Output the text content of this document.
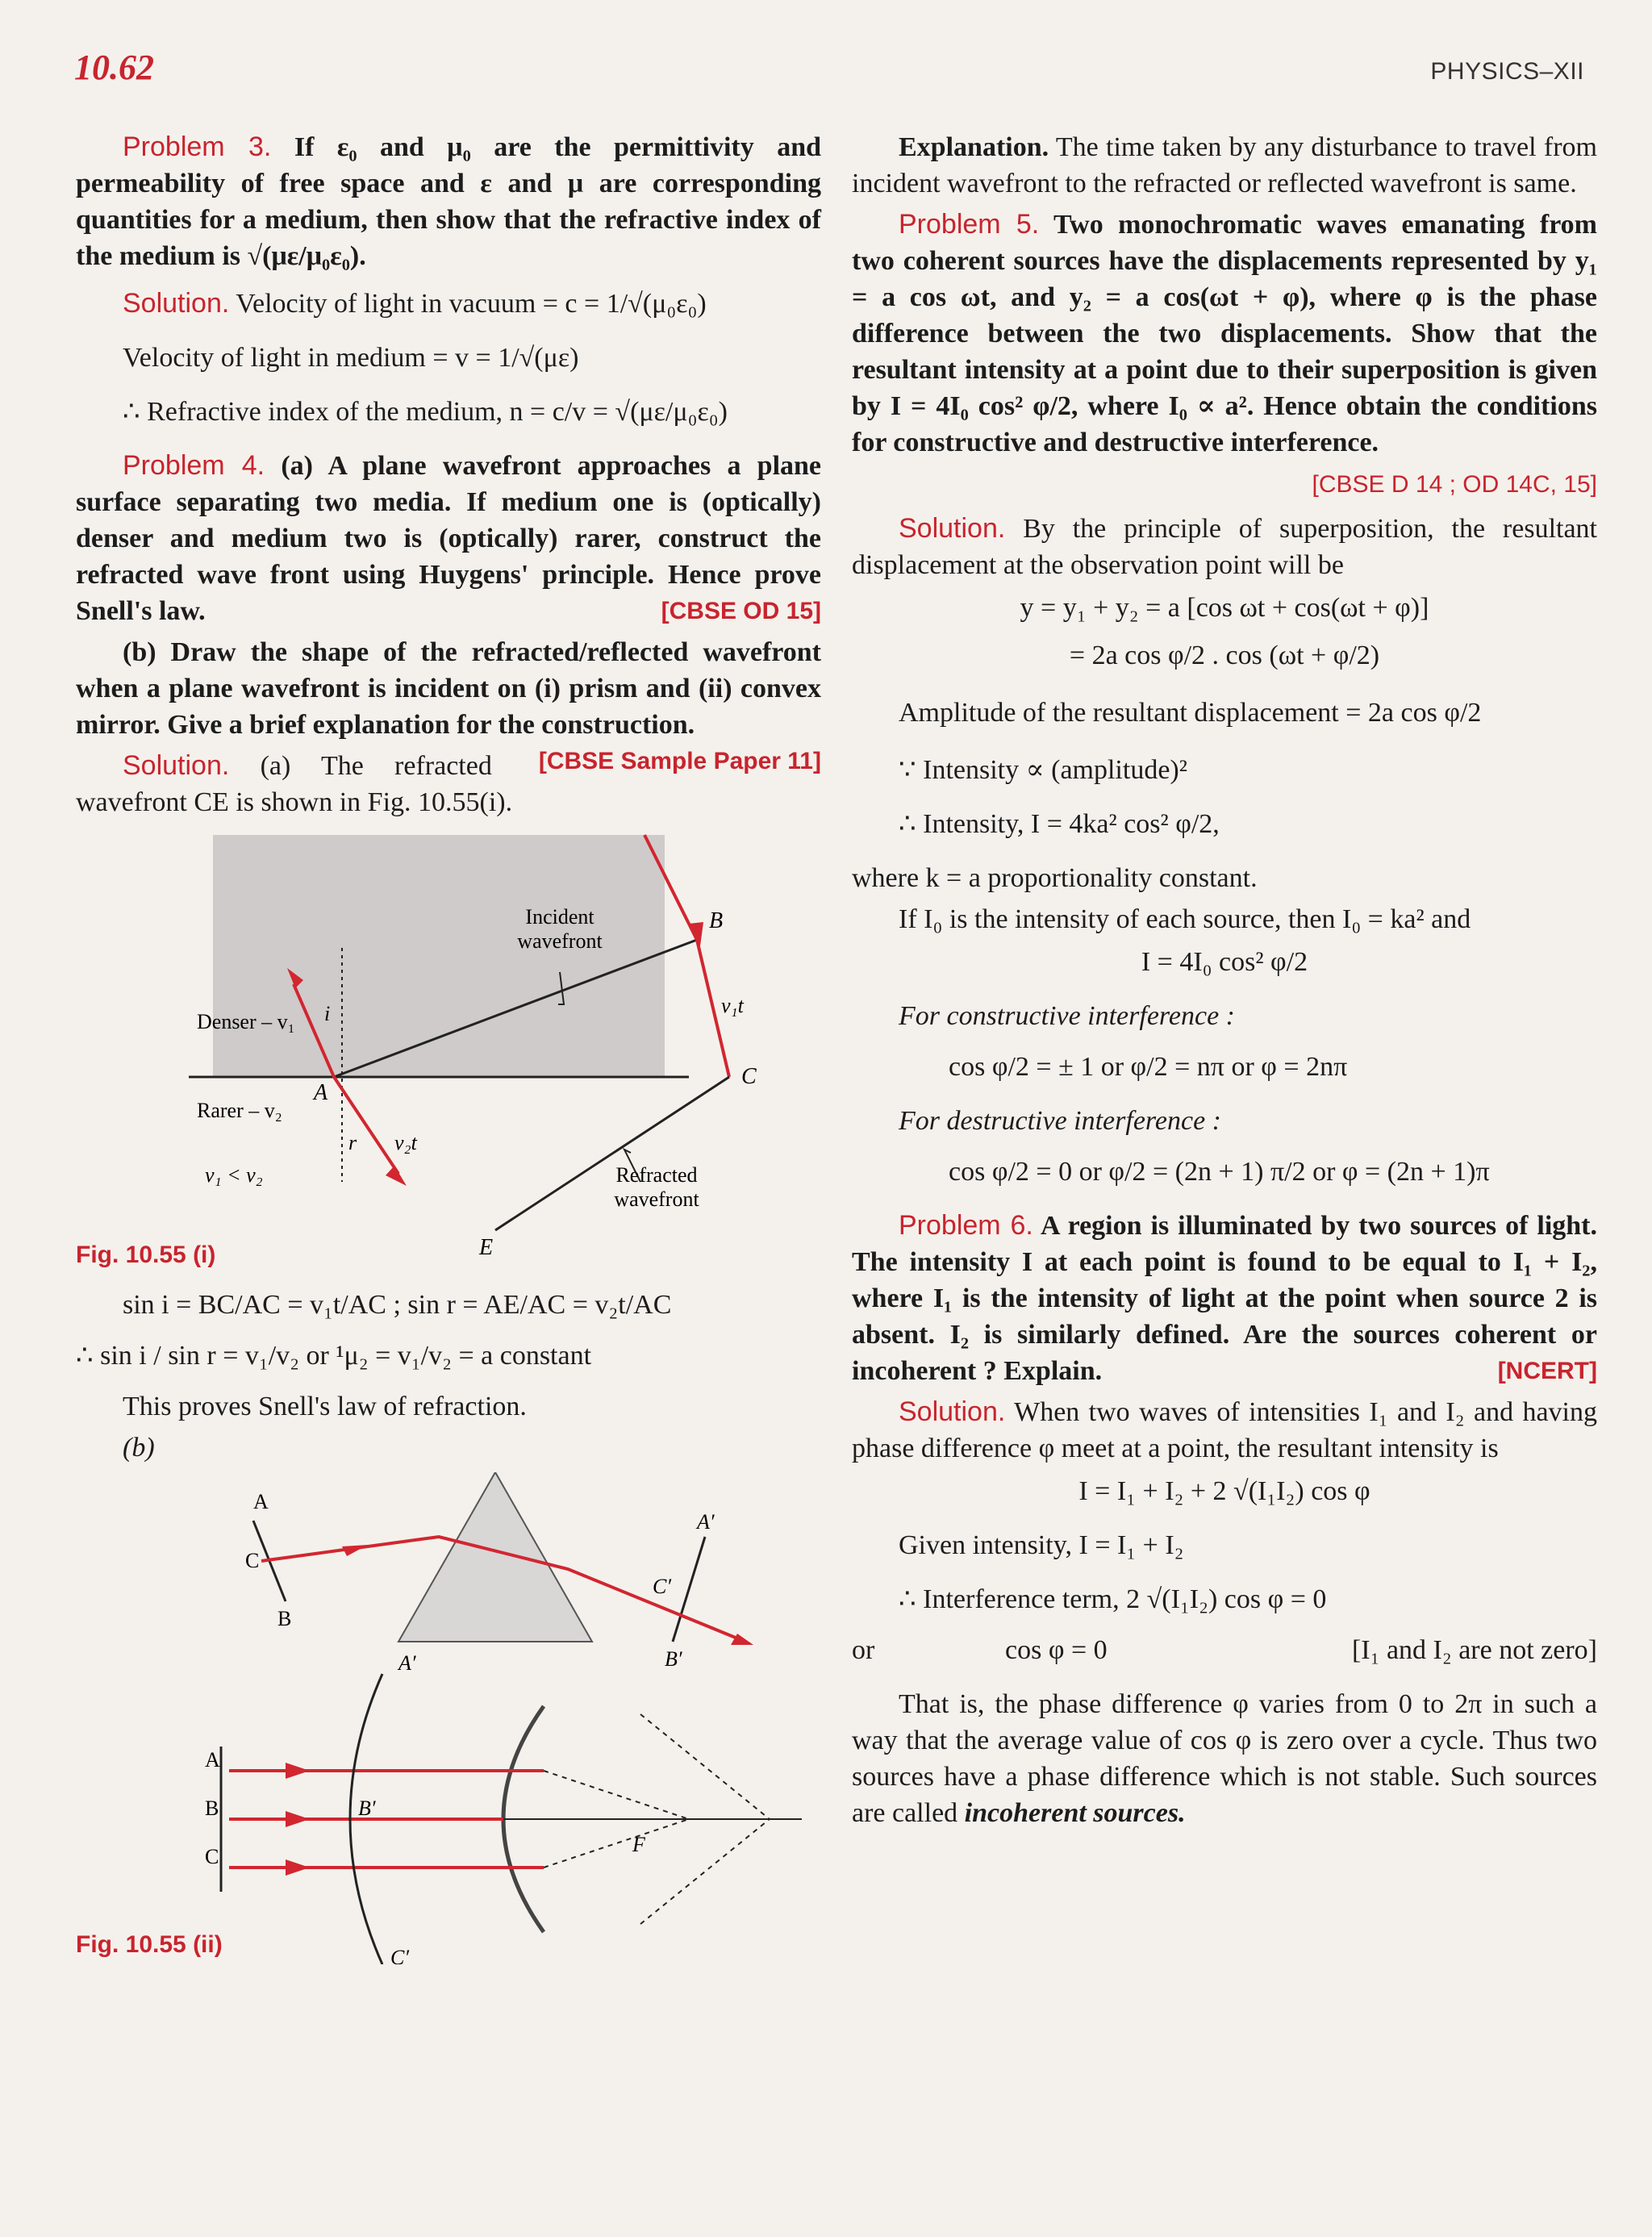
10.62	PHYSICS–XII

Problem 3. If ε₀ and μ₀ are the permittivity and permeability of free space and ε and μ are corresponding quantities for a medium, then show that the refractive index of the medium is √(με/μ₀ε₀).

Solution. Velocity of light in vacuum = c = 1/√(μ₀ε₀)

Velocity of light in medium = v = 1/√(με)

∴ Refractive index of the medium, n = c/v = √(με/μ₀ε₀)

Problem 4. (a) A plane wavefront approaches a plane surface separating two media. If medium one is (optically) denser and medium two is (optically) rarer, construct the refracted wave front using Huygens' principle. Hence prove Snell's law.	[CBSE OD 15]

(b) Draw the shape of the refracted/reflected wavefront when a plane wavefront is incident on (i) prism and (ii) convex mirror. Give a brief explanation for the construction.
[CBSE Sample Paper 11]

Solution. (a) The refracted wavefront CE is shown in Fig. 10.55(i).

Incident
wavefront
Denser – v₁
Rarer – v₂
v₁ < v₂
A
B
C
E
i
r
v₁t
v₂t
Refracted
wavefront
Fig. 10.55 (i)

sin i = BC/AC = v₁t/AC ; sin r = AE/AC = v₂t/AC

∴ sin i / sin r = v₁/v₂ or ¹μ₂ = v₁/v₂ = a constant

This proves Snell's law of refraction.

(b)

A
C
B
A′
C′
B′
A
B
C
A′
B′
C′
F
Fig. 10.55 (ii)

Explanation. The time taken by any disturbance to travel from incident wavefront to the refracted or reflected wavefront is same.

Problem 5. Two monochromatic waves emanating from two coherent sources have the displacements represented by y₁ = a cos ωt, and y₂ = a cos(ωt + φ), where φ is the phase difference between the two displacements. Show that the resultant intensity at a point due to their superposition is given by I = 4I₀ cos² φ/2, where I₀ ∝ a². Hence obtain the conditions for constructive and destructive interference.

[CBSE D 14 ; OD 14C, 15]

Solution. By the principle of superposition, the resultant displacement at the observation point will be

y = y₁ + y₂ = a [cos ωt + cos(ωt + φ)]

= 2a cos φ/2 . cos (ωt + φ/2)

Amplitude of the resultant displacement = 2a cos φ/2

∵ Intensity ∝ (amplitude)²

∴ Intensity, I = 4ka² cos² φ/2,

where k = a proportionality constant.

If I₀ is the intensity of each source, then I₀ = ka² and

I = 4I₀ cos² φ/2

For constructive interference :

cos φ/2 = ± 1 or φ/2 = nπ or φ = 2nπ

For destructive interference :

cos φ/2 = 0 or φ/2 = (2n + 1) π/2 or φ = (2n + 1)π

Problem 6. A region is illuminated by two sources of light. The intensity I at each point is found to be equal to I₁ + I₂, where I₁ is the intensity of light at the point when source 2 is absent. I₂ is similarly defined. Are the sources coherent or incoherent ? Explain.	[NCERT]

Solution. When two waves of intensities I₁ and I₂ and having phase difference φ meet at a point, the resultant intensity is

I = I₁ + I₂ + 2 √(I₁I₂) cos φ

Given intensity, I = I₁ + I₂

∴ Interference term, 2 √(I₁I₂) cos φ = 0

or	cos φ = 0	[I₁ and I₂ are not zero]

That is, the phase difference φ varies from 0 to 2π in such a way that the average value of cos φ is zero over a cycle. Thus two sources have a phase difference which is not stable. Such sources are called incoherent sources.
